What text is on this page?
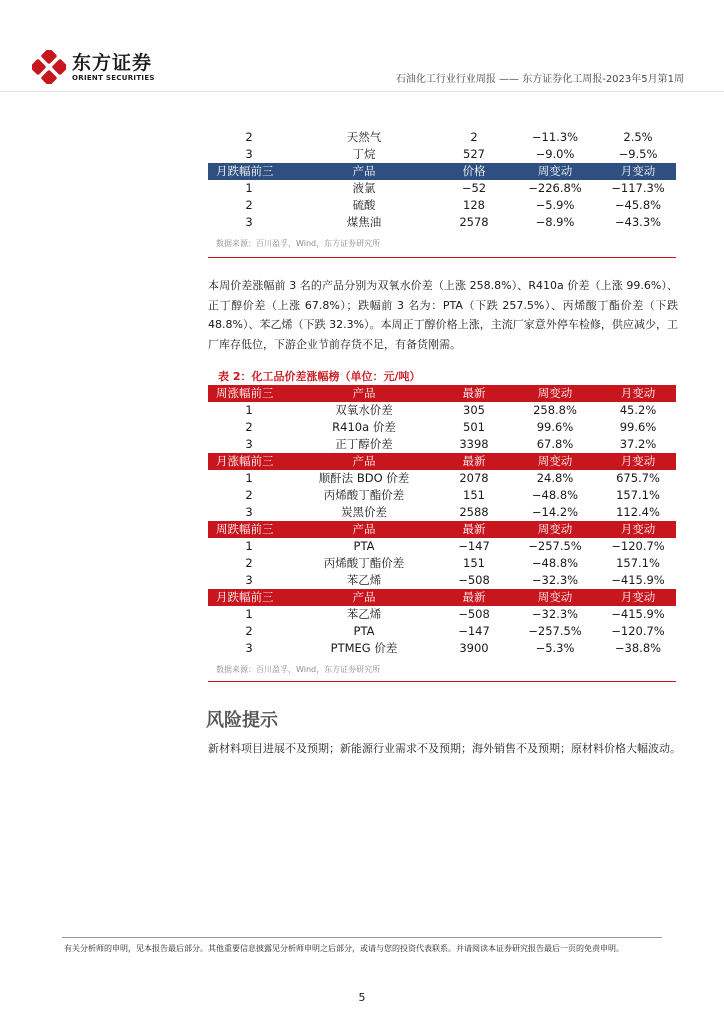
东方证券
ORIENT SECURITIES	石油化工行业行业周报 —— 东方证券化工周报-2023年5月第1周
2	天然气	2	−11.3%	2.5%
3	丁烷	527	−9.0%	−9.5%
月跌幅前三	产品	价格	周变动	月变动
1	液氯	−52	−226.8%	−117.3%
2	硫酸	128	−5.9%	−45.8%
3	煤焦油	2578	−8.9%	−43.3%
数据来源：百川盈孚，Wind，东方证券研究所
本周价差涨幅前 3 名的产品分别为双氧水价差（上涨 258.8%）、R410a 价差（上涨 99.6%）、正丁醇价差（上涨 67.8%）；跌幅前 3 名为：PTA（下跌 257.5%）、丙烯酸丁酯价差（下跌 48.8%）、苯乙烯（下跌 32.3%）。本周正丁醇价格上涨，主流厂家意外停车检修，供应减少，工厂库存低位，下游企业节前存货不足，有备货刚需。
表 2：化工品价差涨幅榜（单位：元/吨）
周涨幅前三	产品	最新	周变动	月变动
1	双氧水价差	305	258.8%	45.2%
2	R410a 价差	501	99.6%	99.6%
3	正丁醇价差	3398	67.8%	37.2%
月涨幅前三	产品	最新	周变动	月变动
1	顺酐法 BDO 价差	2078	24.8%	675.7%
2	丙烯酸丁酯价差	151	−48.8%	157.1%
3	炭黑价差	2588	−14.2%	112.4%
周跌幅前三	产品	最新	周变动	月变动
1	PTA	−147	−257.5%	−120.7%
2	丙烯酸丁酯价差	151	−48.8%	157.1%
3	苯乙烯	−508	−32.3%	−415.9%
月跌幅前三	产品	最新	周变动	月变动
1	苯乙烯	−508	−32.3%	−415.9%
2	PTA	−147	−257.5%	−120.7%
3	PTMEG 价差	3900	−5.3%	−38.8%
数据来源：百川盈孚，Wind，东方证券研究所
风险提示
新材料项目进展不及预期；新能源行业需求不及预期；海外销售不及预期；原材料价格大幅波动。
有关分析师的申明，见本报告最后部分。其他重要信息披露见分析师申明之后部分，或请与您的投资代表联系。并请阅读本证券研究报告最后一页的免责申明。
5
